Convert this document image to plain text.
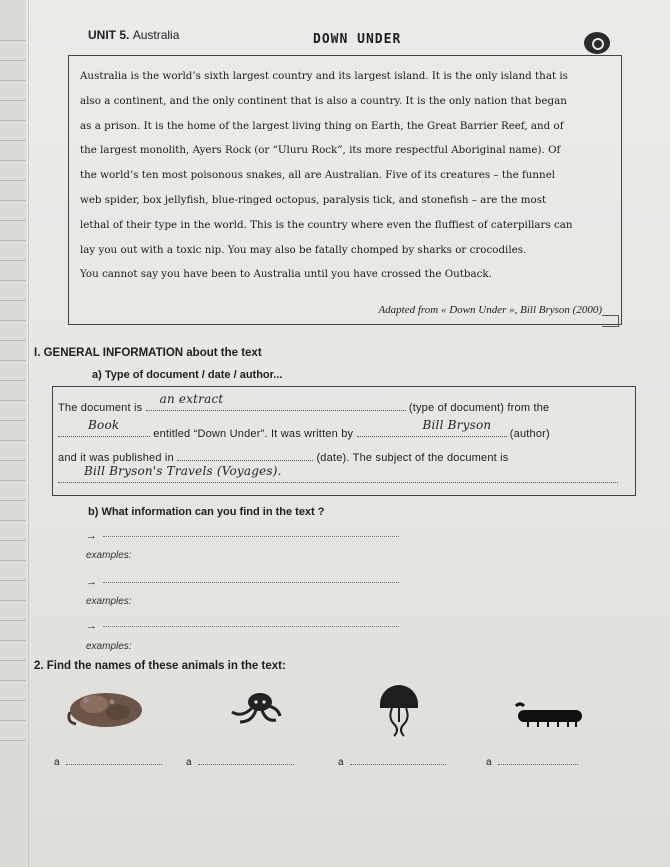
UNIT 5. Australia	DOWN UNDER
Australia is the world’s sixth largest country and its largest island. It is the only island that is
also a continent, and the only continent that is also a country. It is the only nation that began
as a prison. It is the home of the largest living thing on Earth, the Great Barrier Reef, and of
the largest monolith, Ayers Rock (or “Uluru Rock”, its more respectful Aboriginal name). Of
the world’s ten most poisonous snakes, all are Australian. Five of its creatures – the funnel
web spider, box jellyfish, blue-ringed octopus, paralysis tick, and stonefish – are the most
lethal of their type in the world. This is the country where even the fluffiest of caterpillars can
lay you out with a toxic nip. You may also be fatally chomped by sharks or crocodiles.
You cannot say you have been to Australia until you have crossed the Outback.
Adapted from « Down Under », Bill Bryson (2000)
I. GENERAL INFORMATION about the text
a) Type of document / date / author...
The document is
an extract
(type of document) from the
Book
entitled “Down Under”. It was written by
Bill Bryson
(author)
and it was published in	(date). The subject of the document is
Bill Bryson's Travels (Voyages).
b) What information can you find in the text ?
→
examples:
→
examples:
→
examples:
2. Find the names of these animals in the text:
a	a	a	a
